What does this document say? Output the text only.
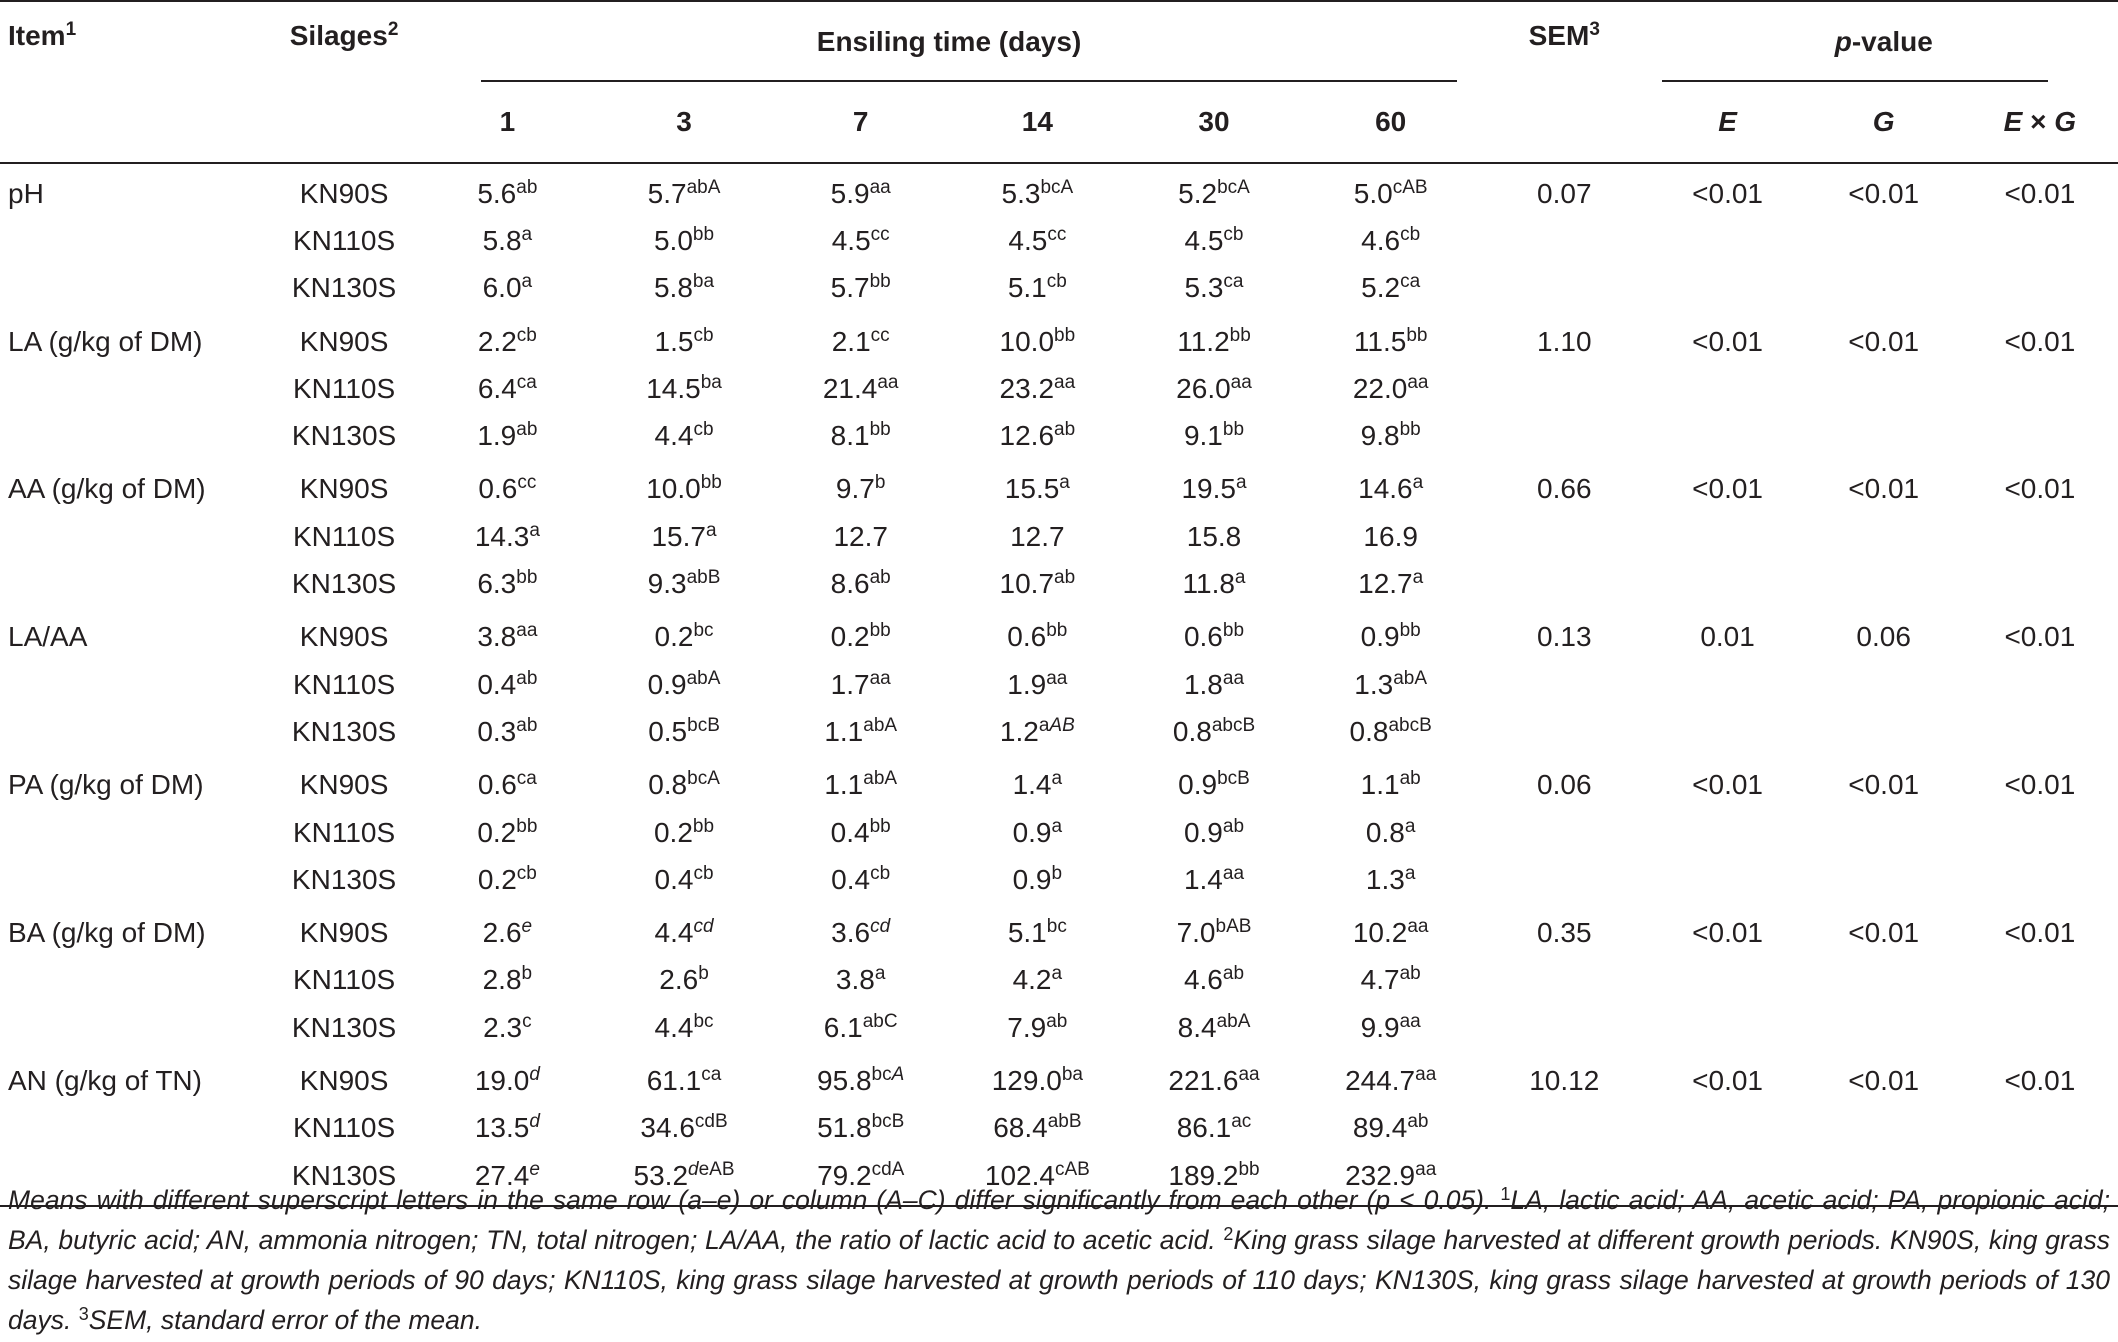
Item$^1$	Silages$^2$	Ensiling time (days)						SEM$^3$	p-value		

		1	3	7	14	30	60		E	G	E × G
pH	KN90S	5.6$^{ab}$	$5.7^{abA}$	5.9$^{aa}$	$5.3^{bcA}$	$5.2^{bcA}$	$5.0^{cAB}$	0.07	<0.01	<0.01	<0.01
	KN110S	5.8$^a$	5.0$^{bb}$	4.5$^{cc}$	4.5$^{cc}$	4.5$^{cb}$	4.6$^{cb}$				
	KN130S	6.0$^a$	5.8$^{ba}$	5.7$^{bb}$	5.1$^{cb}$	5.3$^{ca}$	5.2$^{ca}$				
LA (g/kg of DM)	KN90S	2.2$^{cb}$	1.5$^{cb}$	2.1$^{cc}$	10.0$^{bb}$	11.2$^{bb}$	11.5$^{bb}$	1.10	<0.01	<0.01	<0.01
	KN110S	6.4$^{ca}$	14.5$^{ba}$	21.4$^{aa}$	23.2$^{aa}$	26.0$^{aa}$	22.0$^{aa}$				
	KN130S	1.9$^{ab}$	4.4$^{cb}$	8.1$^{bb}$	12.6$^{ab}$	9.1$^{bb}$	9.8$^{bb}$				
AA (g/kg of DM)	KN90S	0.6$^{cc}$	10.0$^{bb}$	9.7$^b$	15.5$^a$	19.5$^a$	14.6$^a$	0.66	<0.01	<0.01	<0.01
	KN110S	14.3$^a$	15.7$^a$	12.7	12.7	15.8	16.9				
	KN130S	6.3$^{bb}$	$9.3^{abB}$	8.6$^{ab}$	10.7$^{ab}$	11.8$^a$	12.7$^a$				
LA/AA	KN90S	3.8$^{aa}$	0.2$^{bc}$	0.2$^{bb}$	0.6$^{bb}$	0.6$^{bb}$	0.9$^{bb}$	0.13	0.01	0.06	<0.01
	KN110S	0.4$^{ab}$	$0.9^{abA}$	1.7$^{aa}$	1.9$^{aa}$	1.8$^{aa}$	$1.3^{abA}$				
	KN130S	0.3$^{ab}$	$0.5^{bcB}$	$1.1^{abA}$	$1.2^{aAB}$	$0.8^{abcB}$	$0.8^{abcB}$				
PA (g/kg of DM)	KN90S	0.6$^{ca}$	$0.8^{bcA}$	$1.1^{abA}$	1.4$^a$	$0.9^{bcB}$	1.1$^{ab}$	0.06	<0.01	<0.01	<0.01
	KN110S	0.2$^{bb}$	0.2$^{bb}$	0.4$^{bb}$	0.9$^a$	0.9$^{ab}$	0.8$^a$				
	KN130S	0.2$^{cb}$	0.4$^{cb}$	0.4$^{cb}$	0.9$^b$	1.4$^{aa}$	1.3$^a$				
BA (g/kg of DM)	KN90S	2.6e	4.4$^{cd}$	3.6$^{cd}$	5.1$^{bc}$	$7.0^{bAB}$	10.2$^{aa}$	0.35	<0.01	<0.01	<0.01
	KN110S	2.8$^b$	2.6$^b$	3.8$^a$	4.2$^a$	4.6$^{ab}$	4.7$^{ab}$				
	KN130S	2.3$^c$	4.4$^{bc}$	$6.1^{abC}$	7.9$^{ab}$	$8.4^{abA}$	9.9$^{aa}$				
AN (g/kg of TN)	KN90S	19.0$^d$	61.1$^{ca}$	$95.8^{bcA}$	129.0$^{ba}$	221.6$^{aa}$	244.7$^{aa}$	10.12	<0.01	<0.01	<0.01
	KN110S	13.5$^d$	$34.6^{cdB}$	$51.8^{bcB}$	$68.4^{abB}$	86.1$^{ac}$	89.4$^{ab}$				
	KN130S	27.4e	$53.2^{deAB}$	$79.2^{cdA}$	$102.4^{cAB}$	189.2$^{bb}$	232.9$^{aa}$				
Means with different superscript letters in the same row (a–e) or column (A–C) differ significantly from each other (p < 0.05). $^1$LA, lactic acid; AA, acetic acid; PA, propionic acid; BA, butyric acid; AN, ammonia nitrogen; TN, total nitrogen; LA/AA, the ratio of lactic acid to acetic acid. $^2$King grass silage harvested at different growth periods. KN90S, king grass silage harvested at growth periods of 90 days; KN110S, king grass silage harvested at growth periods of 110 days; KN130S, king grass silage harvested at growth periods of 130 days. $^3$SEM, standard error of the mean.
